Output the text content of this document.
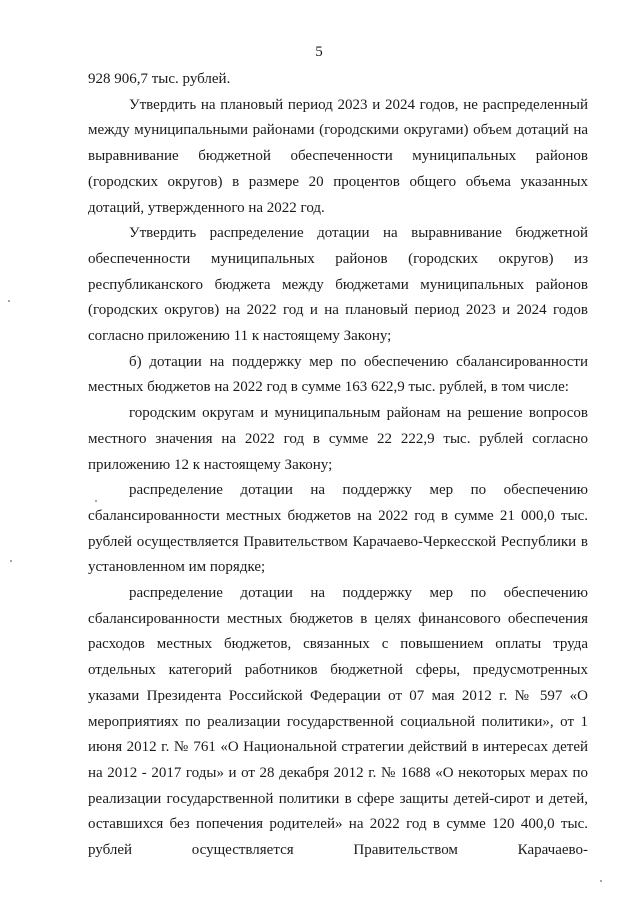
5

928 906,7 тыс. рублей.

Утвердить на плановый период 2023 и 2024 годов, не распределенный между муниципальными районами (городскими округами) объем дотаций на выравнивание бюджетной обеспеченности муниципальных районов (городских округов) в размере 20 процентов общего объема указанных дотаций, утвержденного на 2022 год.

Утвердить распределение дотации на выравнивание бюджетной обеспеченности муниципальных районов (городских округов) из республиканского бюджета между бюджетами муниципальных районов (городских округов) на 2022 год и на плановый период 2023 и 2024 годов согласно приложению 11 к настоящему Закону;

б) дотации на поддержку мер по обеспечению сбалансированности местных бюджетов на 2022 год в сумме 163 622,9 тыс. рублей, в том числе:

городским округам и муниципальным районам на решение вопросов местного значения на 2022 год в сумме 22 222,9 тыс. рублей согласно приложению 12 к настоящему Закону;

распределение дотации на поддержку мер по обеспечению сбалансированности местных бюджетов на 2022 год в сумме 21 000,0 тыс. рублей осуществляется Правительством Карачаево-Черкесской Республики в установленном им порядке;

распределение дотации на поддержку мер по обеспечению сбалансированности местных бюджетов в целях финансового обеспечения расходов местных бюджетов, связанных с повышением оплаты труда отдельных категорий работников бюджетной сферы, предусмотренных указами Президента Российской Федерации от 07 мая 2012 г. № 597 «О мероприятиях по реализации государственной социальной политики», от 1 июня 2012 г. № 761 «О Национальной стратегии действий в интересах детей на 2012 - 2017 годы» и от 28 декабря 2012 г. № 1688 «О некоторых мерах по реализации государственной политики в сфере защиты детей-сирот и детей, оставшихся без попечения родителей» на 2022 год в сумме 120 400,0 тыс. рублей осуществляется Правительством Карачаево-
